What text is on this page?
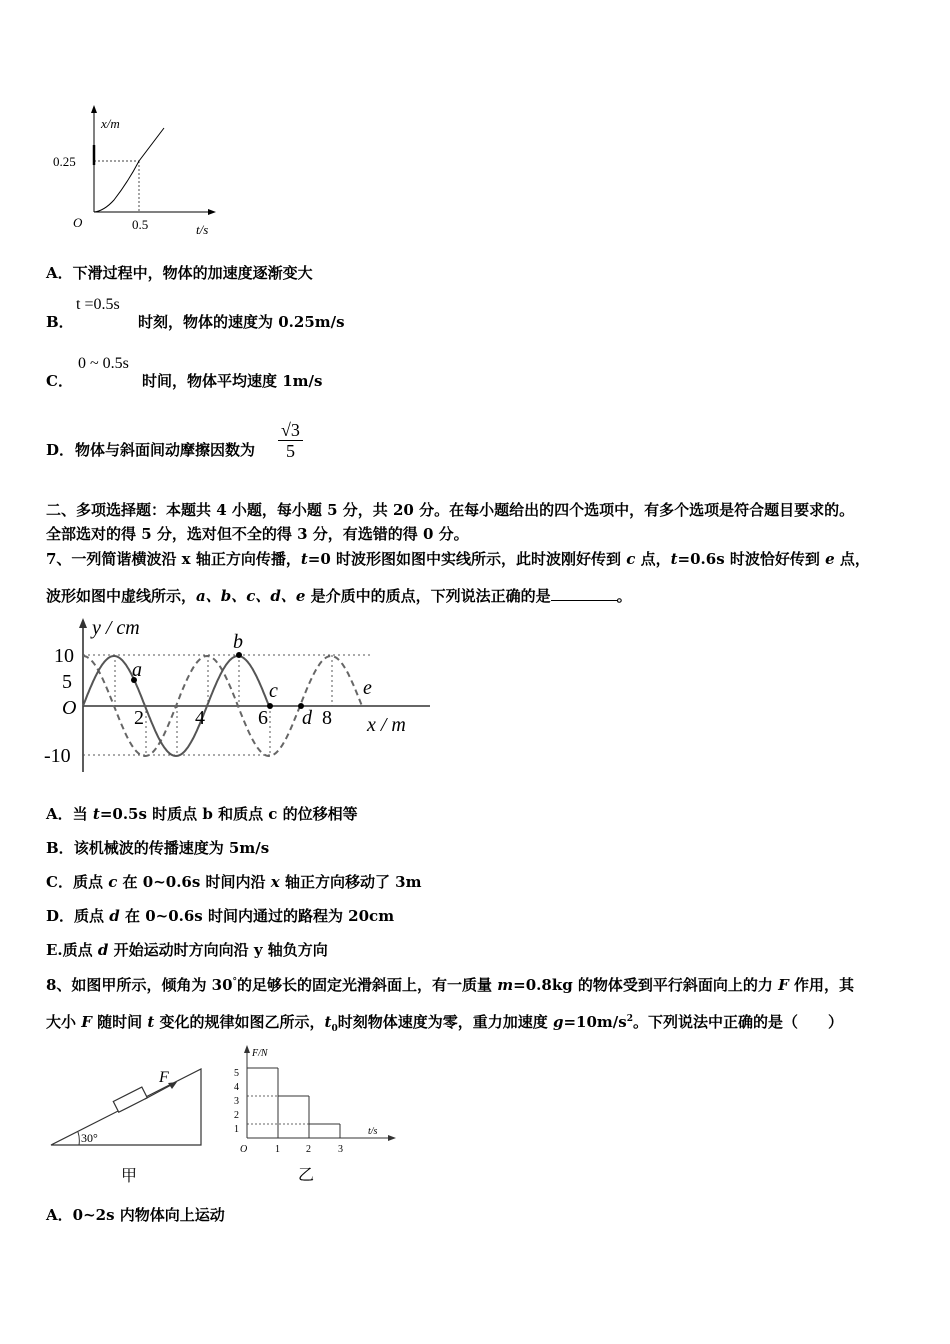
x/m
0.25
O	0.5	t/s
A．下滑过程中，物体的加速度逐渐变大
B．
t =0.5s
时刻，物体的速度为 0.25m/s
C．
0 ~ 0.5s
时间，物体平均速度 1m/s
D． 物体与斜面间动摩擦因数为 $\frac{√3}{5}$
二、多项选择题：本题共 4 小题，每小题 5 分，共 20 分。在每小题给出的四个选项中，有多个选项是符合题目要求的。
全部选对的得 5 分，选对但不全的得 3 分，有选错的得 0 分。
7、一列简谐横波沿 x 轴正方向传播，t=0 时波形图如图中实线所示，此时波刚好传到 c 点，t=0.6s 时波恰好传到 e 点，
波形如图中虚线所示，a、b、c、d、e 是介质中的质点，下列说法正确的是	。
y / cm
10
5
-10
O	2	4	6	8 x / m
a
b
c
d
e
A．当 t=0.5s 时质点 b 和质点 c 的位移相等
B．该机械波的传播速度为 5m/s
C．质点 c 在 0~0.6s 时间内沿 x 轴正方向移动了 3m
D．质点 d 在 0~0.6s 时间内通过的路程为 20cm
E.质点 d 开始运动时方向向沿 y 轴负方向
8、如图甲所示，倾角为 30°的足够长的固定光滑斜面上，有一质量 m=0.8kg 的物体受到平行斜面向上的力 F 作用，其
大小 F 随时间 t 变化的规律如图乙所示，$t_0$时刻物体速度为零，重力加速度 $g=10m/s^2$。下列说法中正确的是（　　）
30°
F
甲
F/N
t/s
5
4
3
2
1
O	1	2	3
乙
A．0~2s 内物体向上运动
